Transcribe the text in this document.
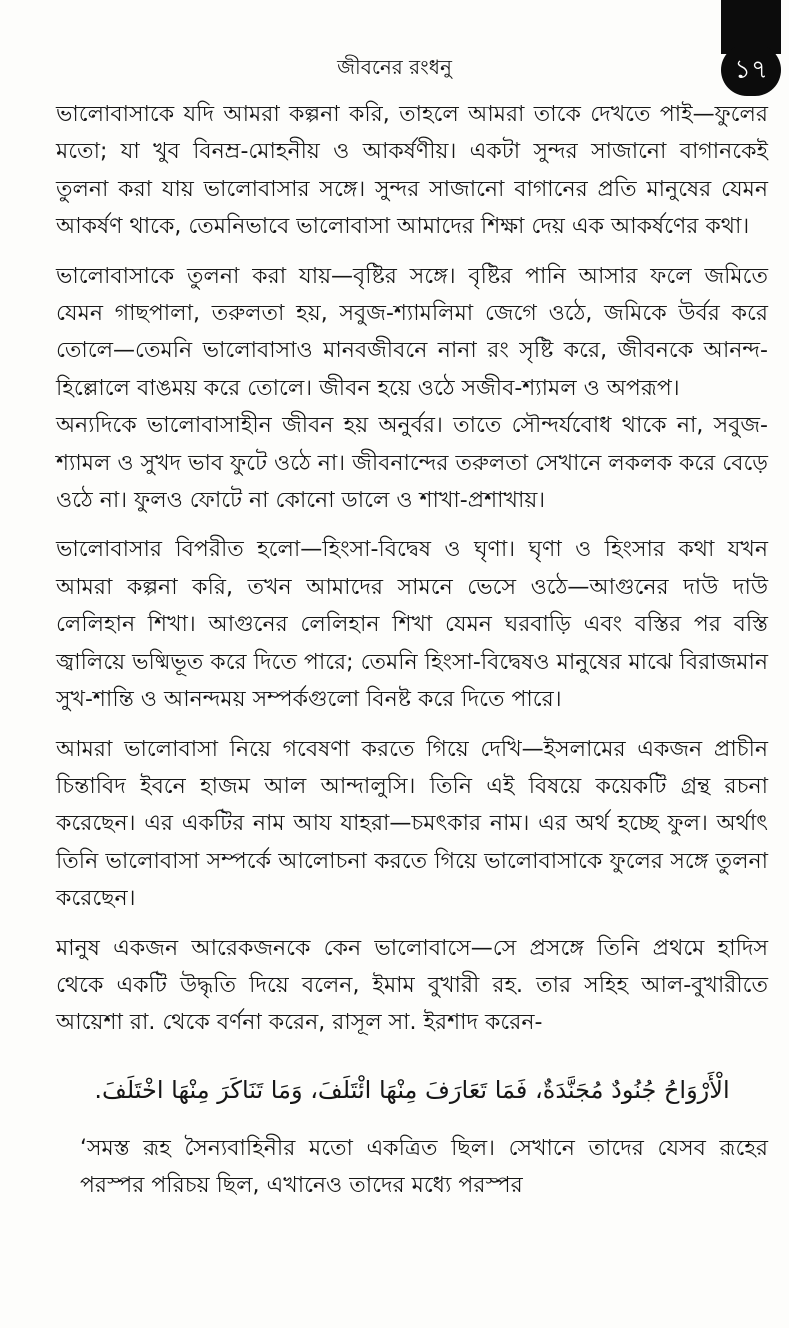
১৭
জীবনের রংধনু

ভালোবাসাকে যদি আমরা কল্পনা করি, তাহলে আমরা তাকে দেখতে পাই—ফুলের মতো; যা খুব বিনম্র-মোহনীয় ও আকর্ষণীয়। একটা সুন্দর সাজানো বাগানকেই তুলনা করা যায় ভালোবাসার সঙ্গে। সুন্দর সাজানো বাগানের প্রতি মানুষের যেমন আকর্ষণ থাকে, তেমনিভাবে ভালোবাসা আমাদের শিক্ষা দেয় এক আকর্ষণের কথা।

ভালোবাসাকে তুলনা করা যায়—বৃষ্টির সঙ্গে। বৃষ্টির পানি আসার ফলে জমিতে যেমন গাছপালা, তরুলতা হয়, সবুজ-শ্যামলিমা জেগে ওঠে, জমিকে উর্বর করে তোলে—তেমনি ভালোবাসাও মানবজীবনে নানা রং সৃষ্টি করে, জীবনকে আনন্দ-হিল্লোলে বাঙময় করে তোলে। জীবন হয়ে ওঠে সজীব-শ্যামল ও অপরূপ।

অন্যদিকে ভালোবাসাহীন জীবন হয় অনুর্বর। তাতে সৌন্দর্যবোধ থাকে না, সবুজ-শ্যামল ও সুখদ ভাব ফুটে ওঠে না। জীবনান্দের তরুলতা সেখানে লকলক করে বেড়ে ওঠে না। ফুলও ফোটে না কোনো ডালে ও শাখা-প্রশাখায়।

ভালোবাসার বিপরীত হলো—হিংসা-বিদ্বেষ ও ঘৃণা। ঘৃণা ও হিংসার কথা যখন আমরা কল্পনা করি, তখন আমাদের সামনে ভেসে ওঠে—আগুনের দাউ দাউ লেলিহান শিখা। আগুনের লেলিহান শিখা যেমন ঘরবাড়ি এবং বস্তির পর বস্তি জ্বালিয়ে ভষ্মিভূত করে দিতে পারে; তেমনি হিংসা-বিদ্বেষও মানুষের মাঝে বিরাজমান সুখ-শান্তি ও আনন্দময় সম্পর্কগুলো বিনষ্ট করে দিতে পারে।

আমরা ভালোবাসা নিয়ে গবেষণা করতে গিয়ে দেখি—ইসলামের একজন প্রাচীন চিন্তাবিদ ইবনে হাজম আল আন্দালুসি। তিনি এই বিষয়ে কয়েকটি গ্রন্থ রচনা করেছেন। এর একটির নাম আয যাহরা—চমৎকার নাম। এর অর্থ হচ্ছে ফুল। অর্থাৎ তিনি ভালোবাসা সম্পর্কে আলোচনা করতে গিয়ে ভালোবাসাকে ফুলের সঙ্গে তুলনা করেছেন।

মানুষ একজন আরেকজনকে কেন ভালোবাসে—সে প্রসঙ্গে তিনি প্রথমে হাদিস থেকে একটি উদ্ধৃতি দিয়ে বলেন, ইমাম বুখারী রহ. তার সহিহ আল-বুখারীতে আয়েশা রা. থেকে বর্ণনা করেন, রাসূল সা. ইরশাদ করেন-

الْأَرْوَاحُ جُنُودٌ مُجَنَّدَةٌ، فَمَا تَعَارَفَ مِنْهَا ائْتَلَفَ، وَمَا تَنَاكَرَ مِنْهَا اخْتَلَفَ.

‘সমস্ত রূহ সৈন্যবাহিনীর মতো একত্রিত ছিল। সেখানে তাদের যেসব রূহের পরস্পর পরিচয় ছিল, এখানেও তাদের মধ্যে পরস্পর
